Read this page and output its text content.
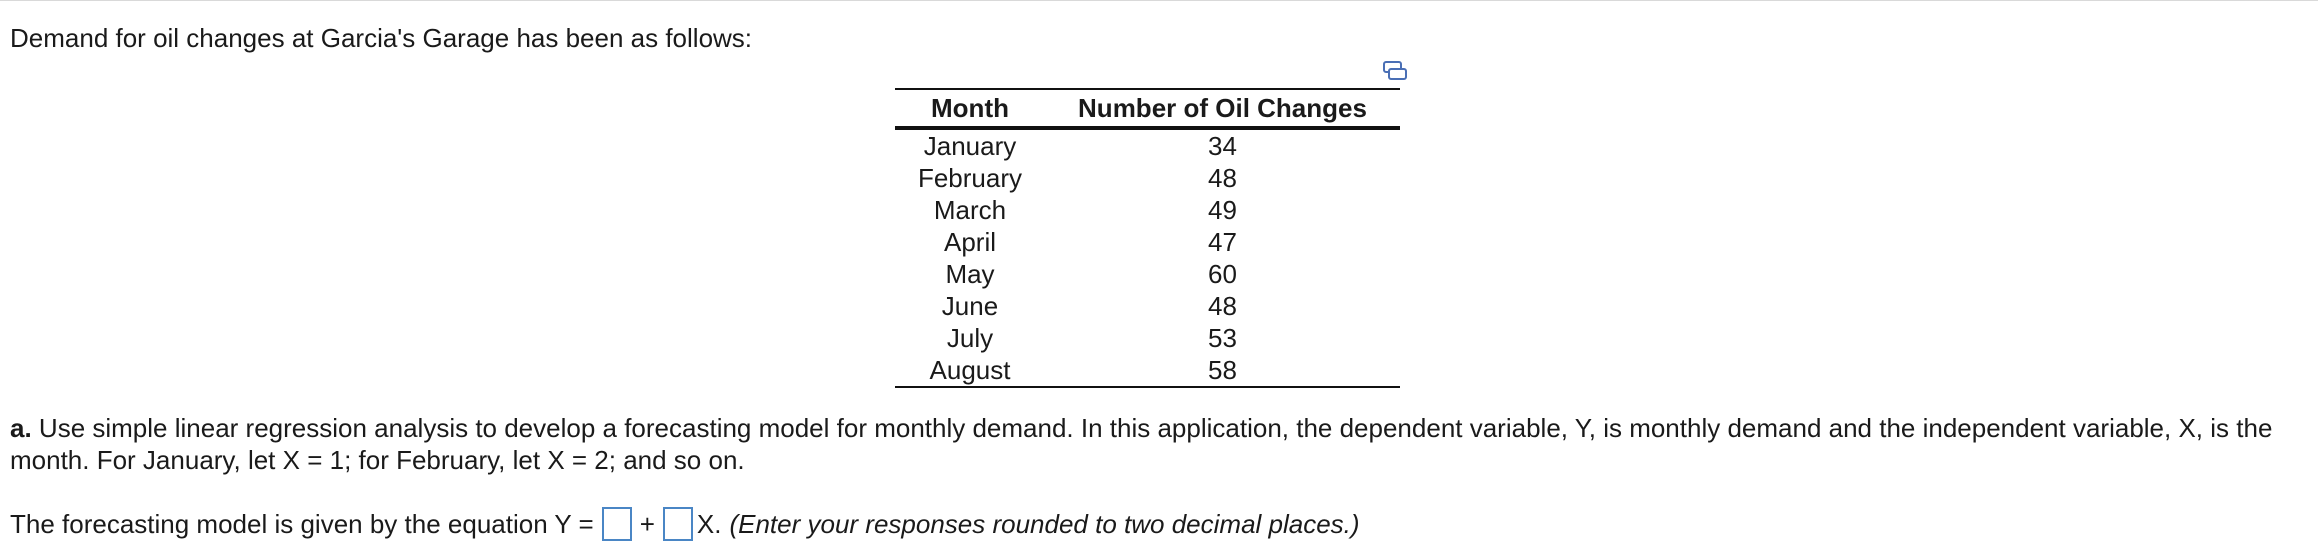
Demand for oil changes at Garcia's Garage has been as follows:
Month	Number of Oil Changes
January	34
February	48
March	49
April	47
May	60
June	48
July	53
August	58
a. Use simple linear regression analysis to develop a forecasting model for monthly demand. In this application, the dependent variable, Y, is monthly demand and the independent variable, X, is the month. For January, let X = 1; for February, let X = 2; and so on.
The forecasting model is given by the equation Y = + X. (Enter your responses rounded to two decimal places.)
